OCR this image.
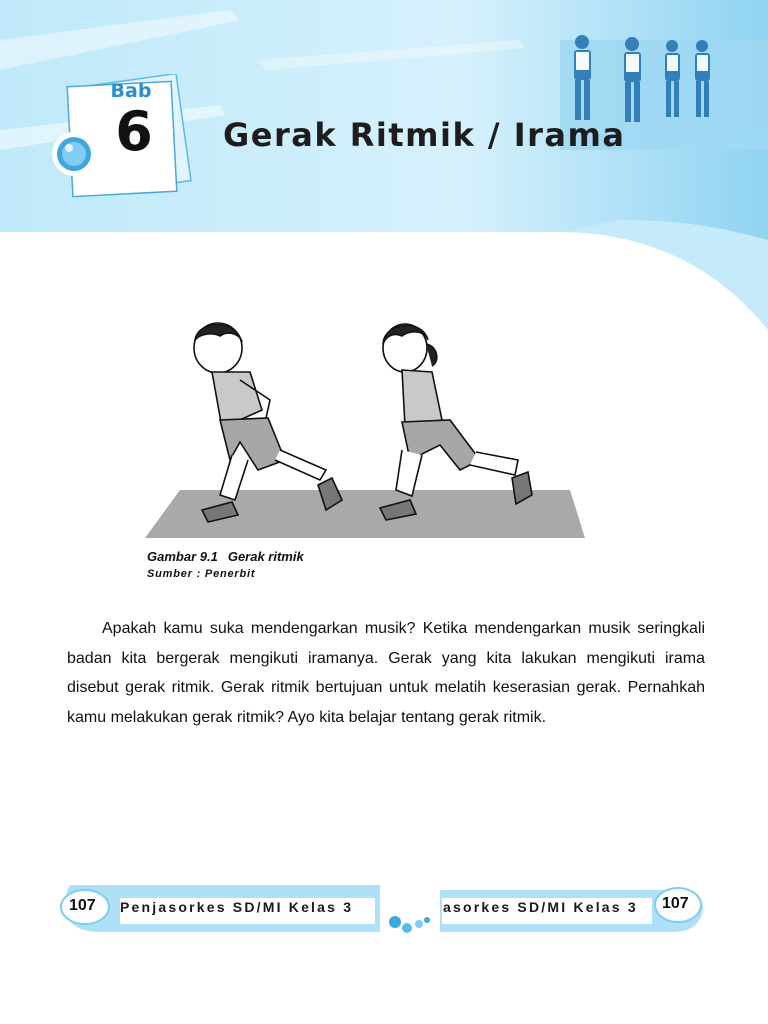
Bab
6	Gerak Ritmik / Irama
Gambar 9.1 Gerak ritmik
Sumber : Penerbit

Apakah kamu suka mendengarkan musik? Ketika mendengarkan musik seringkali badan kita bergerak mengikuti iramanya. Gerak yang kita lakukan mengikuti irama disebut gerak ritmik. Gerak ritmik bertujuan untuk melatih keserasian gerak. Pernahkah kamu melakukan gerak ritmik? Ayo kita belajar tentang gerak ritmik.

107 Penjasorkes SD/MI Kelas 3	asorkes SD/MI Kelas 3 107
